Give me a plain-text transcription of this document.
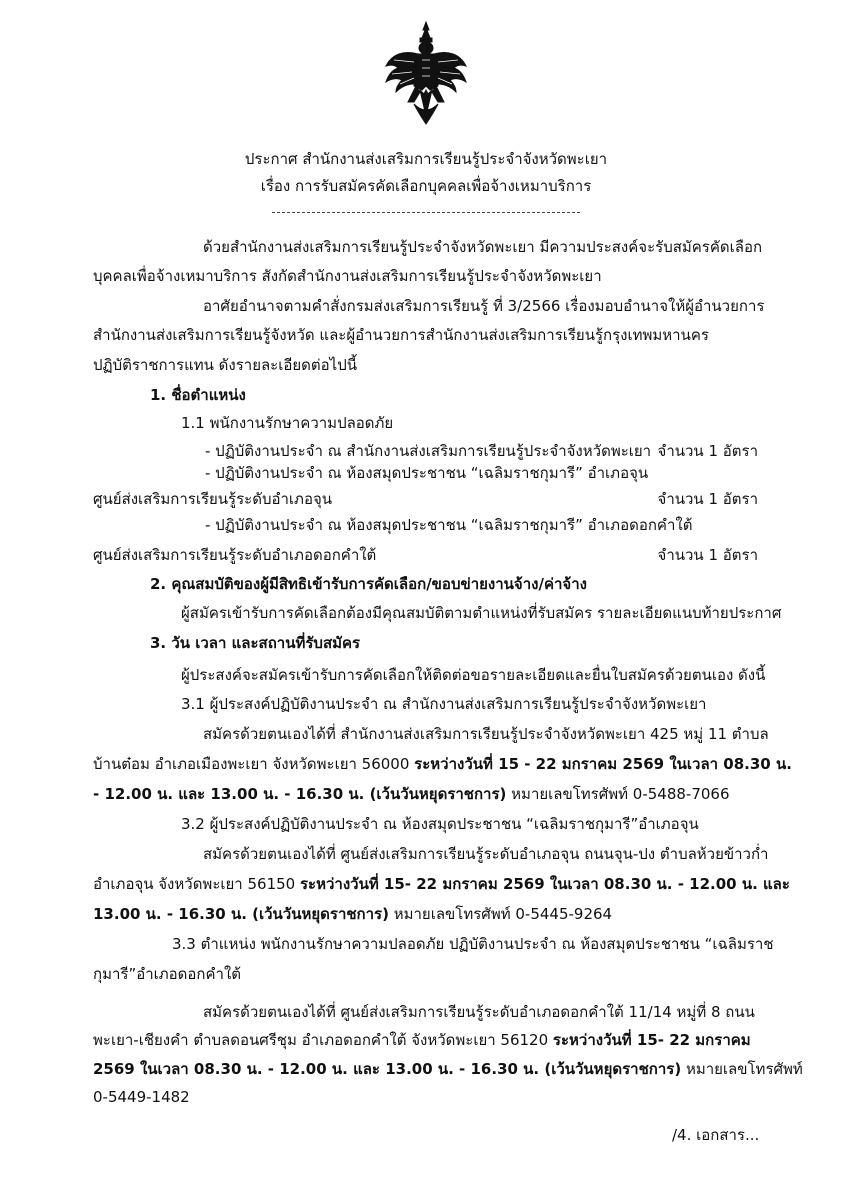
ประกาศ สำนักงานส่งเสริมการเรียนรู้ประจำจังหวัดพะเยา
เรื่อง การรับสมัครคัดเลือกบุคคลเพื่อจ้างเหมาบริการ
ด้วยสำนักงานส่งเสริมการเรียนรู้ประจำจังหวัดพะเยา มีความประสงค์จะรับสมัครคัดเลือก
บุคคลเพื่อจ้างเหมาบริการ สังกัดสำนักงานส่งเสริมการเรียนรู้ประจำจังหวัดพะเยา
อาศัยอำนาจตามคำสั่งกรมส่งเสริมการเรียนรู้ ที่ 3/2566 เรื่องมอบอำนาจให้ผู้อำนวยการ
สำนักงานส่งเสริมการเรียนรู้จังหวัด และผู้อำนวยการสำนักงานส่งเสริมการเรียนรู้กรุงเทพมหานคร
ปฏิบัติราชการแทน ดังรายละเอียดต่อไปนี้
1. ชื่อตำแหน่ง
1.1 พนักงานรักษาความปลอดภัย
- ปฏิบัติงานประจำ ณ สำนักงานส่งเสริมการเรียนรู้ประจำจังหวัดพะเยา จำนวน 1 อัตรา
- ปฏิบัติงานประจำ ณ ห้องสมุดประชาชน “เฉลิมราชกุมารี” อำเภอจุน
ศูนย์ส่งเสริมการเรียนรู้ระดับอำเภอจุน	จำนวน 1 อัตรา
- ปฏิบัติงานประจำ ณ ห้องสมุดประชาชน “เฉลิมราชกุมารี” อำเภอดอกคำใต้
ศูนย์ส่งเสริมการเรียนรู้ระดับอำเภอดอกคำใต้	จำนวน 1 อัตรา
2. คุณสมบัติของผู้มีสิทธิเข้ารับการคัดเลือก/ขอบข่ายงานจ้าง/ค่าจ้าง
ผู้สมัครเข้ารับการคัดเลือกต้องมีคุณสมบัติตามตำแหน่งที่รับสมัคร รายละเอียดแนบท้ายประกาศ
3. วัน เวลา และสถานที่รับสมัคร
ผู้ประสงค์จะสมัครเข้ารับการคัดเลือกให้ติดต่อขอรายละเอียดและยื่นใบสมัครด้วยตนเอง ดังนี้
3.1 ผู้ประสงค์ปฏิบัติงานประจำ ณ สำนักงานส่งเสริมการเรียนรู้ประจำจังหวัดพะเยา
สมัครด้วยตนเองได้ที่ สำนักงานส่งเสริมการเรียนรู้ประจำจังหวัดพะเยา 425 หมู่ 11 ตำบล
บ้านต๋อม อำเภอเมืองพะเยา จังหวัดพะเยา 56000 ระหว่างวันที่ 15 - 22 มกราคม 2569 ในเวลา 08.30 น.
- 12.00 น. และ 13.00 น. - 16.30 น. (เว้นวันหยุดราชการ) หมายเลขโทรศัพท์ 0-5488-7066
3.2 ผู้ประสงค์ปฏิบัติงานประจำ ณ ห้องสมุดประชาชน “เฉลิมราชกุมารี”อำเภอจุน
สมัครด้วยตนเองได้ที่ ศูนย์ส่งเสริมการเรียนรู้ระดับอำเภอจุน ถนนจุน-ปง ตำบลห้วยข้าวก่ำ
อำเภอจุน จังหวัดพะเยา 56150 ระหว่างวันที่ 15- 22 มกราคม 2569 ในเวลา 08.30 น. - 12.00 น. และ
13.00 น. - 16.30 น. (เว้นวันหยุดราชการ) หมายเลขโทรศัพท์ 0-5445-9264
3.3 ตำแหน่ง พนักงานรักษาความปลอดภัย ปฏิบัติงานประจำ ณ ห้องสมุดประชาชน “เฉลิมราช
กุมารี”อำเภอดอกคำใต้
สมัครด้วยตนเองได้ที่ ศูนย์ส่งเสริมการเรียนรู้ระดับอำเภอดอกคำใต้ 11/14 หมู่ที่ 8 ถนน
พะเยา-เชียงคำ ตำบลดอนศรีชุม อำเภอดอกคำใต้ จังหวัดพะเยา 56120 ระหว่างวันที่ 15- 22 มกราคม
2569 ในเวลา 08.30 น. - 12.00 น. และ 13.00 น. - 16.30 น. (เว้นวันหยุดราชการ) หมายเลขโทรศัพท์
0-5449-1482
/4. เอกสาร...
